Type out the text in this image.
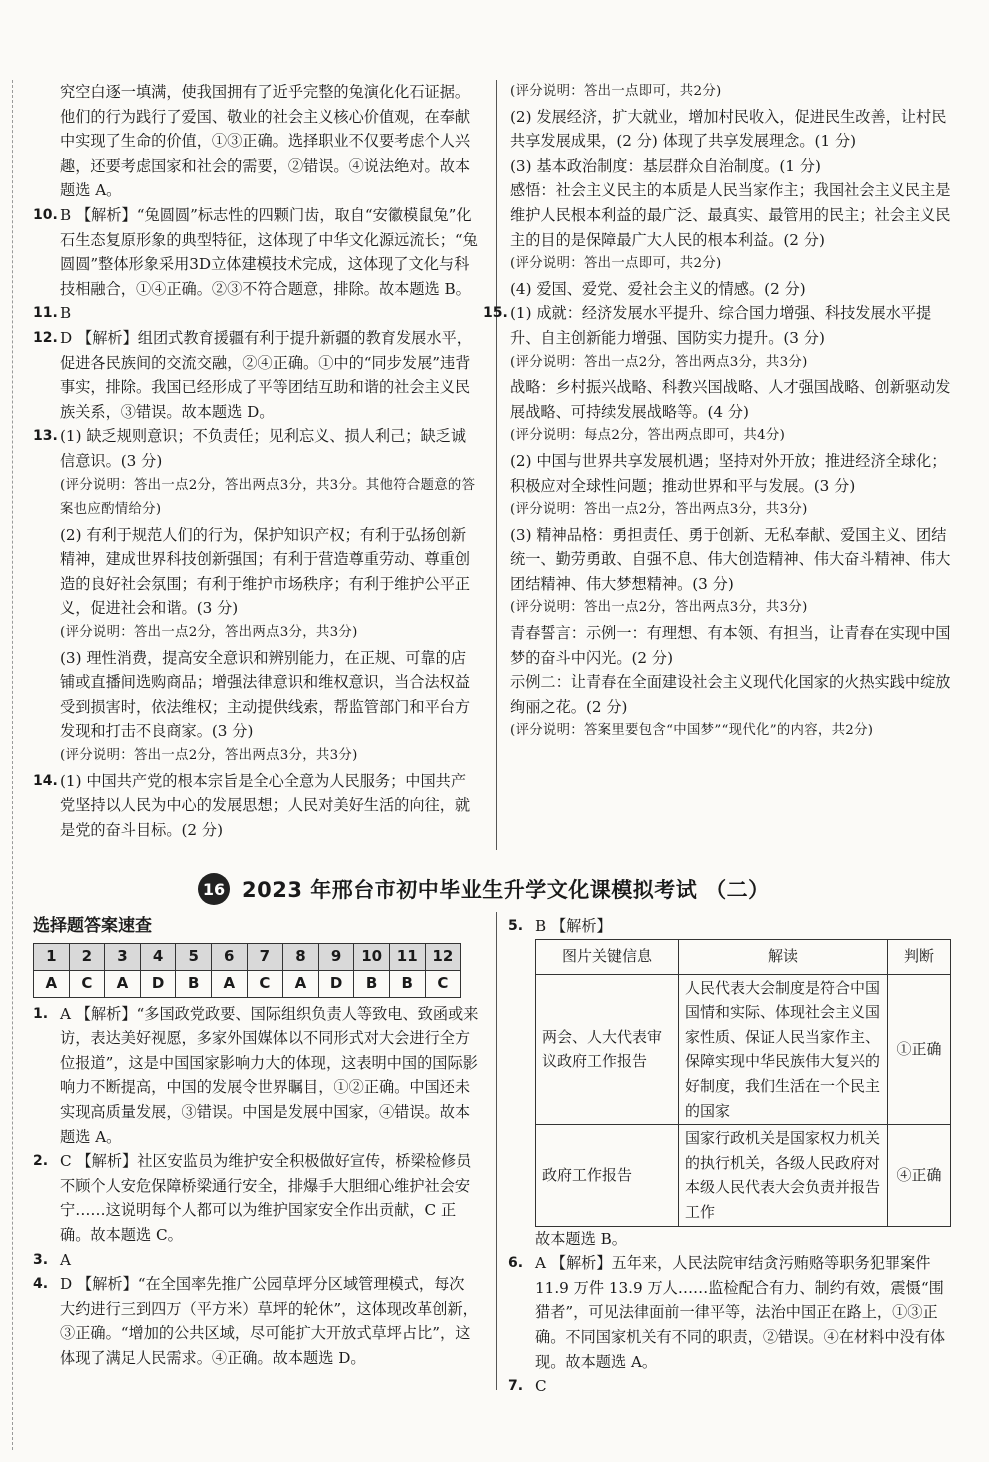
究空白逐一填满，使我国拥有了近乎完整的兔演化化石证据。他们的行为践行了爱国、敬业的社会主义核心价值观，在奉献中实现了生命的价值，①③正确。选择职业不仅要考虑个人兴趣，还要考虑国家和社会的需要，②错误。④说法绝对。故本题选 A。

10. B 【解析】“兔圆圆”标志性的四颗门齿，取自“安徽模鼠兔”化石生态复原形象的典型特征，这体现了中华文化源远流长；“兔圆圆”整体形象采用3D立体建模技术完成，这体现了文化与科技相融合，①④正确。②③不符合题意，排除。故本题选 B。
11. B
12. D 【解析】组团式教育援疆有利于提升新疆的教育发展水平，促进各民族间的交流交融，②④正确。①中的“同步发展”违背事实，排除。我国已经形成了平等团结互助和谐的社会主义民族关系，③错误。故本题选 D。
13. (1) 缺乏规则意识；不负责任；见利忘义、损人利己；缺乏诚信意识。(3 分)

(评分说明：答出一点2分，答出两点3分，共3分。其他符合题意的答案也应酌情给分)

(2) 有利于规范人们的行为，保护知识产权；有利于弘扬创新精神，建成世界科技创新强国；有利于营造尊重劳动、尊重创造的良好社会氛围；有利于维护市场秩序；有利于维护公平正义，促进社会和谐。(3 分)

(评分说明：答出一点2分，答出两点3分，共3分)

(3) 理性消费，提高安全意识和辨别能力，在正规、可靠的店铺或直播间选购商品；增强法律意识和维权意识，当合法权益受到损害时，依法维权；主动提供线索，帮监管部门和平台方发现和打击不良商家。(3 分)

(评分说明：答出一点2分，答出两点3分，共3分)

14. (1) 中国共产党的根本宗旨是全心全意为人民服务；中国共产党坚持以人民为中心的发展思想；人民对美好生活的向往，就是党的奋斗目标。(2 分)

(评分说明：答出一点即可，共2分)

(2) 发展经济，扩大就业，增加村民收入，促进民生改善，让村民共享发展成果，(2 分) 体现了共享发展理念。(1 分)

(3) 基本政治制度：基层群众自治制度。(1 分)

感悟：社会主义民主的本质是人民当家作主；我国社会主义民主是维护人民根本利益的最广泛、最真实、最管用的民主；社会主义民主的目的是保障最广大人民的根本利益。(2 分)

(评分说明：答出一点即可，共2分)

(4) 爱国、爱党、爱社会主义的情感。(2 分)

15. (1) 成就：经济发展水平提升、综合国力增强、科技发展水平提升、自主创新能力增强、国防实力提升。(3 分)

(评分说明：答出一点2分，答出两点3分，共3分)

战略：乡村振兴战略、科教兴国战略、人才强国战略、创新驱动发展战略、可持续发展战略等。(4 分)

(评分说明：每点2分，答出两点即可，共4分)

(2) 中国与世界共享发展机遇；坚持对外开放；推进经济全球化；积极应对全球性问题；推动世界和平与发展。(3 分)

(评分说明：答出一点2分，答出两点3分，共3分)

(3) 精神品格：勇担责任、勇于创新、无私奉献、爱国主义、团结统一、勤劳勇敢、自强不息、伟大创造精神、伟大奋斗精神、伟大团结精神、伟大梦想精神。(3 分)

(评分说明：答出一点2分，答出两点3分，共3分)

青春誓言：示例一：有理想、有本领、有担当，让青春在实现中国梦的奋斗中闪光。(2 分)

示例二：让青春在全面建设社会主义现代化国家的火热实践中绽放绚丽之花。(2 分)

(评分说明：答案里要包含“中国梦”“现代化”的内容，共2分)

16 2023 年邢台市初中毕业生升学文化课模拟考试 （二）
选择题答案速查
1	2	3	4	5	6	7	8	9	10	11	12
A	C	A	D	B	A	C	A	D	B	B	C
1. A 【解析】“多国政党政要、国际组织负责人等致电、致函或来访，表达美好视愿，多家外国媒体以不同形式对大会进行全方位报道”，这是中国国家影响力大的体现，这表明中国的国际影响力不断提高，中国的发展令世界瞩目，①②正确。中国还未实现高质量发展，③错误。中国是发展中国家，④错误。故本题选 A。
2. C 【解析】社区安监员为维护安全积极做好宣传，桥梁检修员不顾个人安危保障桥梁通行安全，排爆手大胆细心维护社会安宁……这说明每个人都可以为维护国家安全作出贡献，C 正确。故本题选 C。
3. A
4. D 【解析】“在全国率先推广公园草坪分区域管理模式，每次大约进行三到四万（平方米）草坪的轮休”，这体现改革创新，③正确。“增加的公共区域，尽可能扩大开放式草坪占比”，这体现了满足人民需求。④正确。故本题选 D。
5. B 【解析】
图片关键信息	解读	判断
两会、人大代表审议政府工作报告	人民代表大会制度是符合中国国情和实际、体现社会主义国家性质、保证人民当家作主、保障实现中华民族伟大复兴的好制度，我们生活在一个民主的国家	①正确
政府工作报告	国家行政机关是国家权力机关的执行机关，各级人民政府对本级人民代表大会负责并报告工作	④正确

故本题选 B。

6. A 【解析】五年来，人民法院审结贪污贿赂等职务犯罪案件 11.9 万件 13.9 万人……监检配合有力、制约有效，震慑“围猎者”，可见法律面前一律平等，法治中国正在路上，①③正确。不同国家机关有不同的职责，②错误。④在材料中没有体现。故本题选 A。
7. C
